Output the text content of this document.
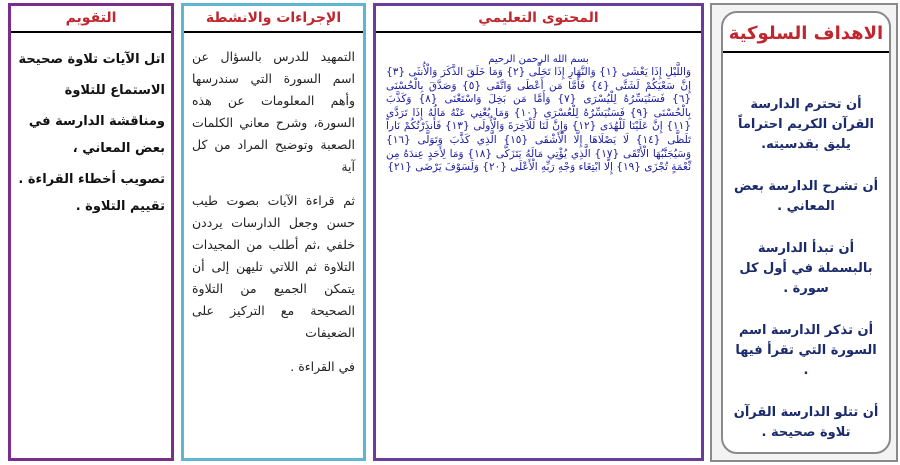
التقويم

اتل الآيات تلاوة صحيحة

الاستماع للتلاوة

ومناقشة الدارسة في

بعض المعاني ،

تصويب أخطاء القراءة .

تقييم التلاوة .

الإجراءات والانشطة

التمهيد للدرس بالسؤال عن اسم السورة التي سندرسها وأهم المعلومات عن هذه السورة، وشرح معاني الكلمات الصعبة وتوضيح المراد من كل آية

ثم قراءة الآيات بصوت طيب حسن وجعل الدارسات يرددن خلفي ،ثم أطلب من المجيدات التلاوة ثم اللاتي تليهن إلى أن يتمكن الجميع من التلاوة الصحيحة مع التركيز على الضعيفات

في القراءة .

المحتوى التعليمي
بسم الله الرحمن الرحيم
وَاللَّيْلِ إِذَا يَغْشَى {١} وَالنَّهَارِ إِذَا تَجَلَّى {٢} وَمَا خَلَقَ الذَّكَرَ وَالْأُنثَى {٣} إِنَّ سَعْيَكُمْ لَشَتَّى {٤} فَأَمَّا مَن أَعْطَى وَاتَّقَى {٥} وَصَدَّقَ بِالْحُسْنَى {٦} فَسَنُيَسِّرُهُ لِلْيُسْرَى {٧} وَأَمَّا مَن بَخِلَ وَاسْتَغْنَى {٨} وَكَذَّبَ بِالْحُسْنَى {٩} فَسَنُيَسِّرُهُ لِلْعُسْرَى {١٠} وَمَا يُغْنِي عَنْهُ مَالُهُ إِذَا تَرَدَّى {١١} إِنَّ عَلَيْنَا لَلْهُدَى {١٢} وَإِنَّ لَنَا لَلْآخِرَةَ وَالْأُولَى {١٣} فَأَنذَرْتُكُمْ نَاراً تَلَظَّى {١٤} لَا يَصْلَاهَا إِلَّا الْأَشْقَى {١٥} الَّذِي كَذَّبَ وَتَوَلَّى {١٦} وَسَيُجَنَّبُهَا الْأَتْقَى {١٧} الَّذِي يُؤْتِي مَالَهُ يَتَزَكَّى {١٨} وَمَا لِأَحَدٍ عِندَهُ مِن نِّعْمَةٍ تُجْزَى {١٩} إِلَّا ابْتِغَاء وَجْهِ رَبِّهِ الْأَعْلَى {٢٠} وَلَسَوْفَ يَرْضَى {٢١}
الاهداف السلوكية

أن تحترم الدارسة القرآن الكريم احتراماً يليق بقدسيته.

أن تشرح الدارسة بعض المعاني .

أن تبدأ الدارسة بالبسملة في أول كل سورة .

أن تذكر الدارسة اسم السورة التي تقرأ فيها .

أن تتلو الدارسة القرآن تلاوة صحيحة .
